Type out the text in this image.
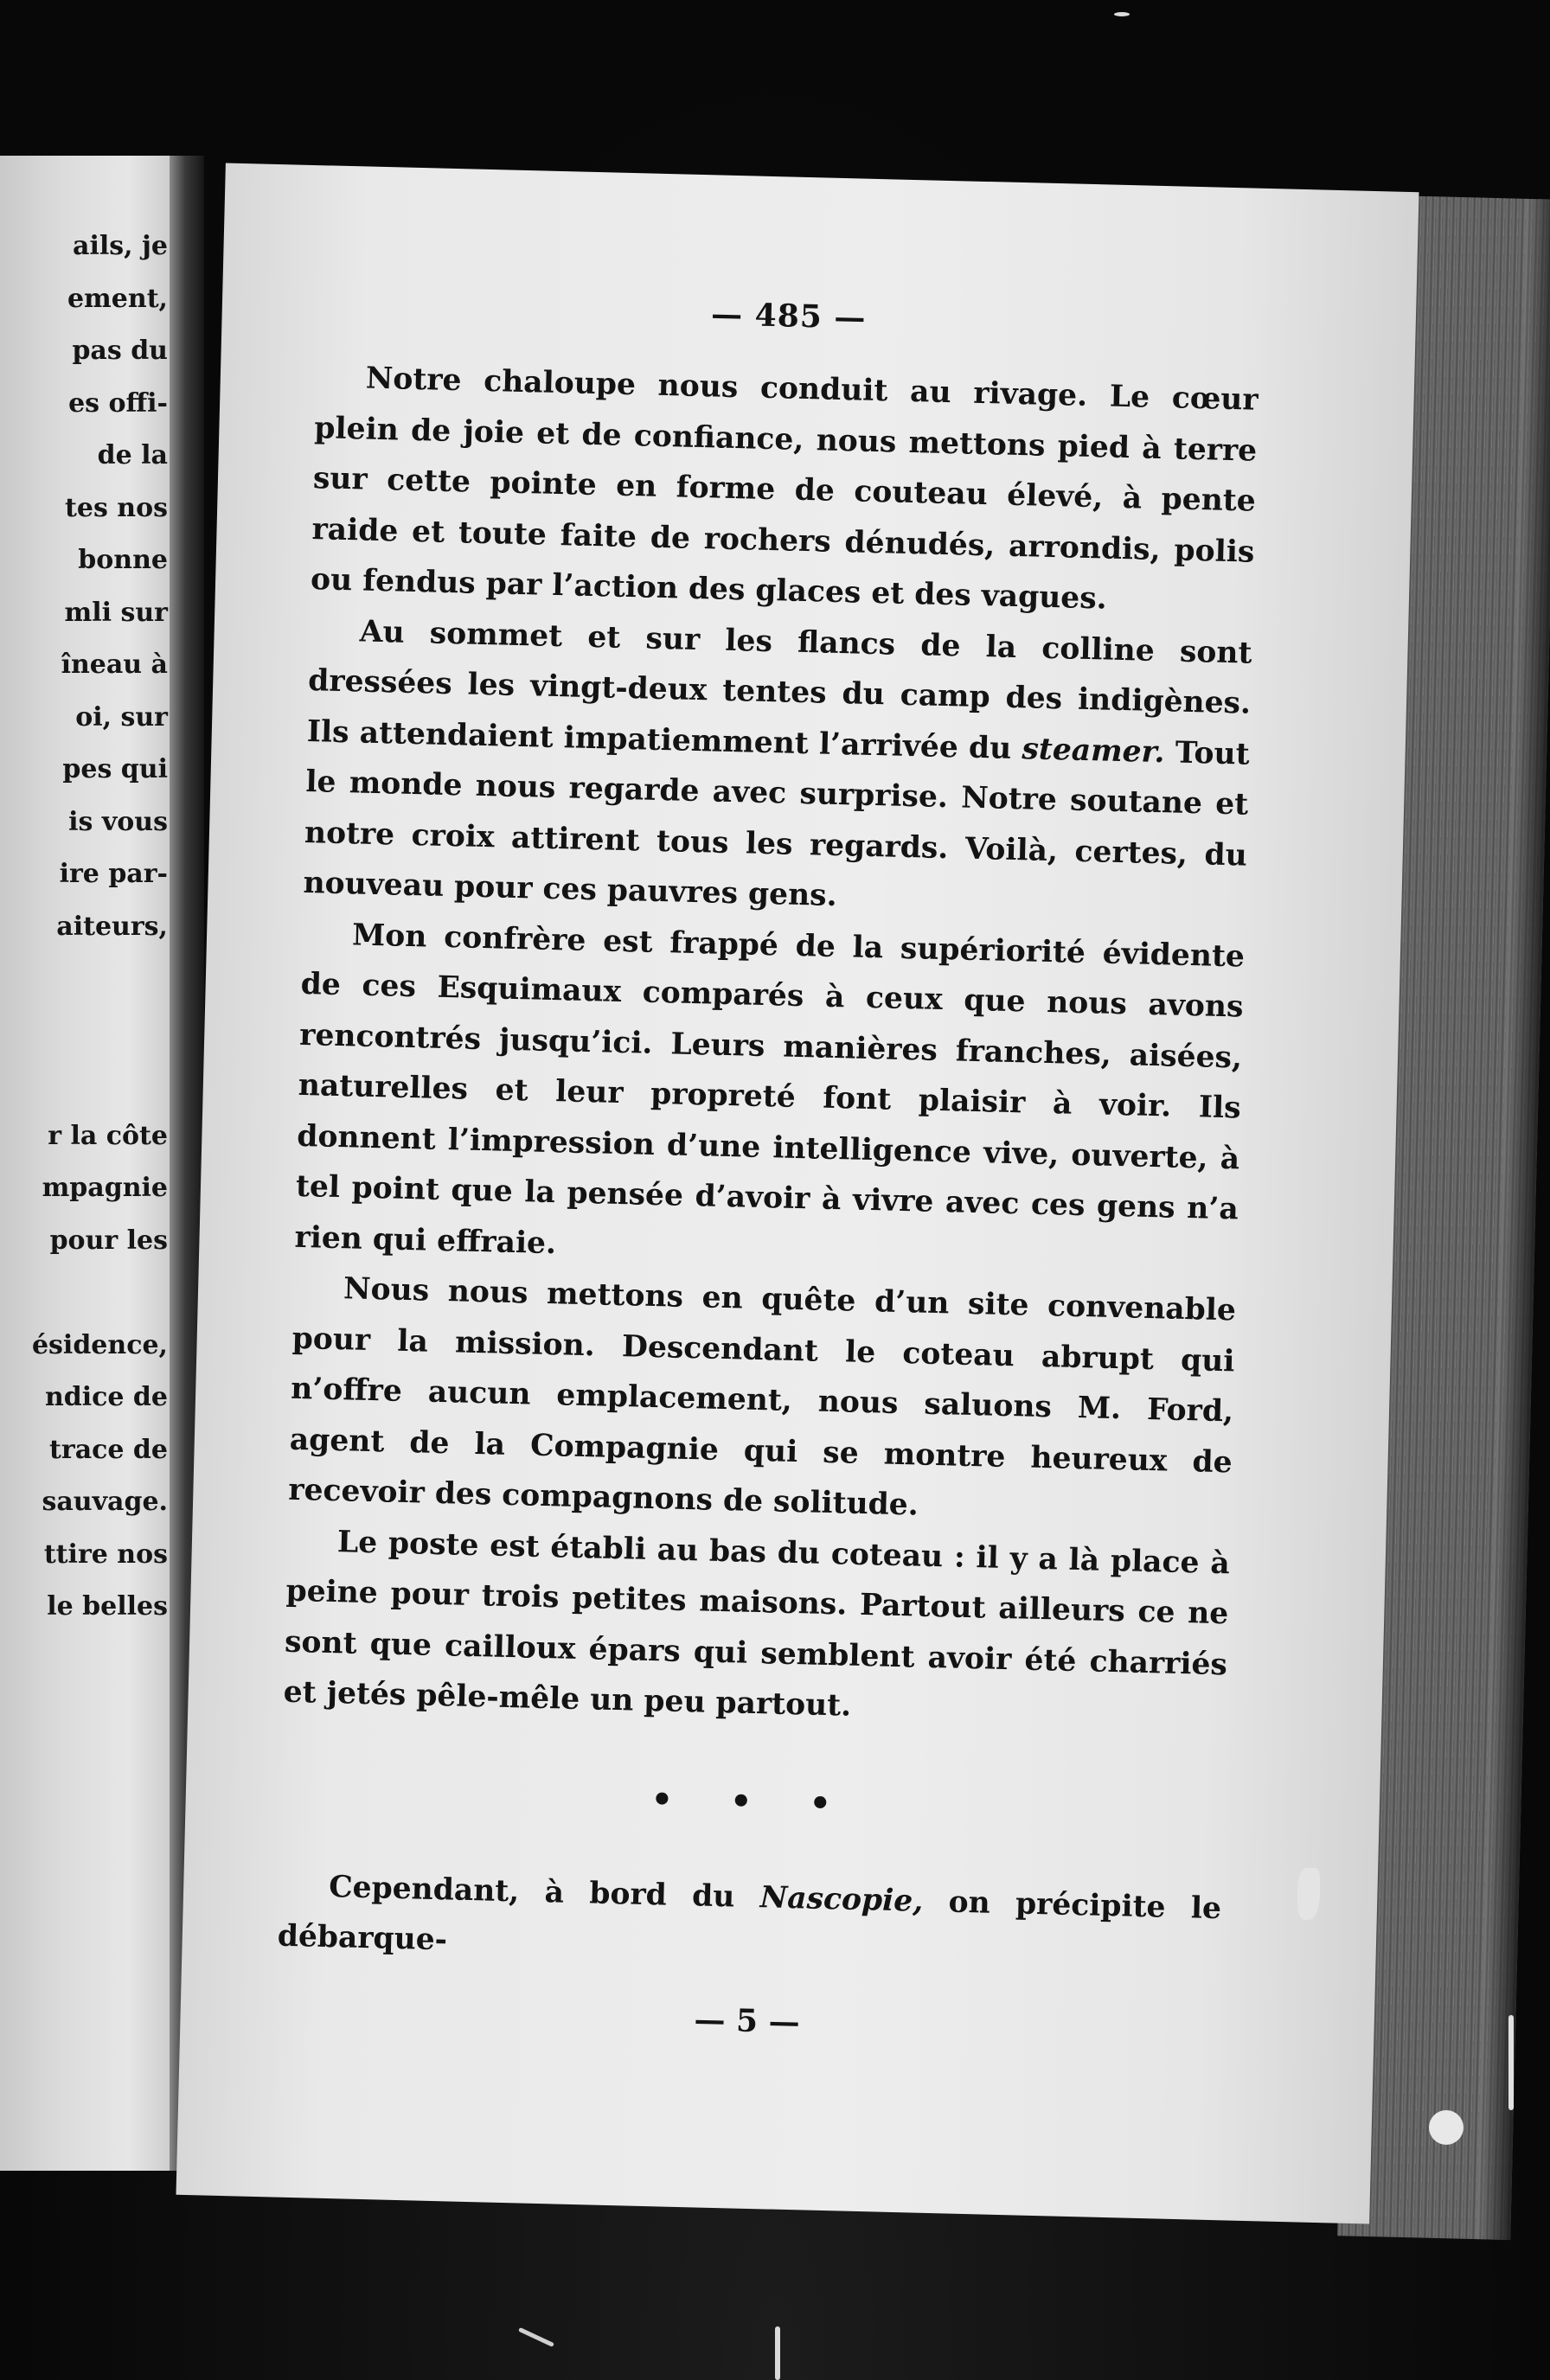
ails, je
ement,
pas du
es offi-
de la
tes nos
bonne
mli sur
îneau à
oi, sur
pes qui
is vous
ire par-
aiteurs,
r la côte
mpagnie
pour les
ésidence,
ndice de
trace de
sauvage.
ttire nos
le belles
— 485 —

Notre chaloupe nous conduit au rivage. Le cœur plein de joie et de confiance, nous mettons pied à terre sur cette pointe en forme de couteau élevé, à pente raide et toute faite de rochers dénudés, arrondis, polis ou fendus par l’action des glaces et des vagues.

Au sommet et sur les flancs de la colline sont dressées les vingt-deux tentes du camp des indigènes. Ils attendaient impatiemment l’arrivée du steamer. Tout le monde nous regarde avec surprise. Notre soutane et notre croix attirent tous les regards. Voilà, certes, du nouveau pour ces pauvres gens.

Mon confrère est frappé de la supériorité évidente de ces Esquimaux comparés à ceux que nous avons rencontrés jusqu’ici. Leurs manières franches, aisées, naturelles et leur propreté font plaisir à voir. Ils donnent l’impression d’une intelligence vive, ouverte, à tel point que la pensée d’avoir à vivre avec ces gens n’a rien qui effraie.

Nous nous mettons en quête d’un site convenable pour la mission. Descendant le coteau abrupt qui n’offre aucun emplacement, nous saluons M. Ford, agent de la Compagnie qui se montre heureux de recevoir des compagnons de solitude.

Le poste est établi au bas du coteau : il y a là place à peine pour trois petites maisons. Partout ailleurs ce ne sont que cailloux épars qui semblent avoir été charriés et jetés pêle-mêle un peu partout.

• • •

Cependant, à bord du Nascopie, on précipite le débarque-

— 5 —
